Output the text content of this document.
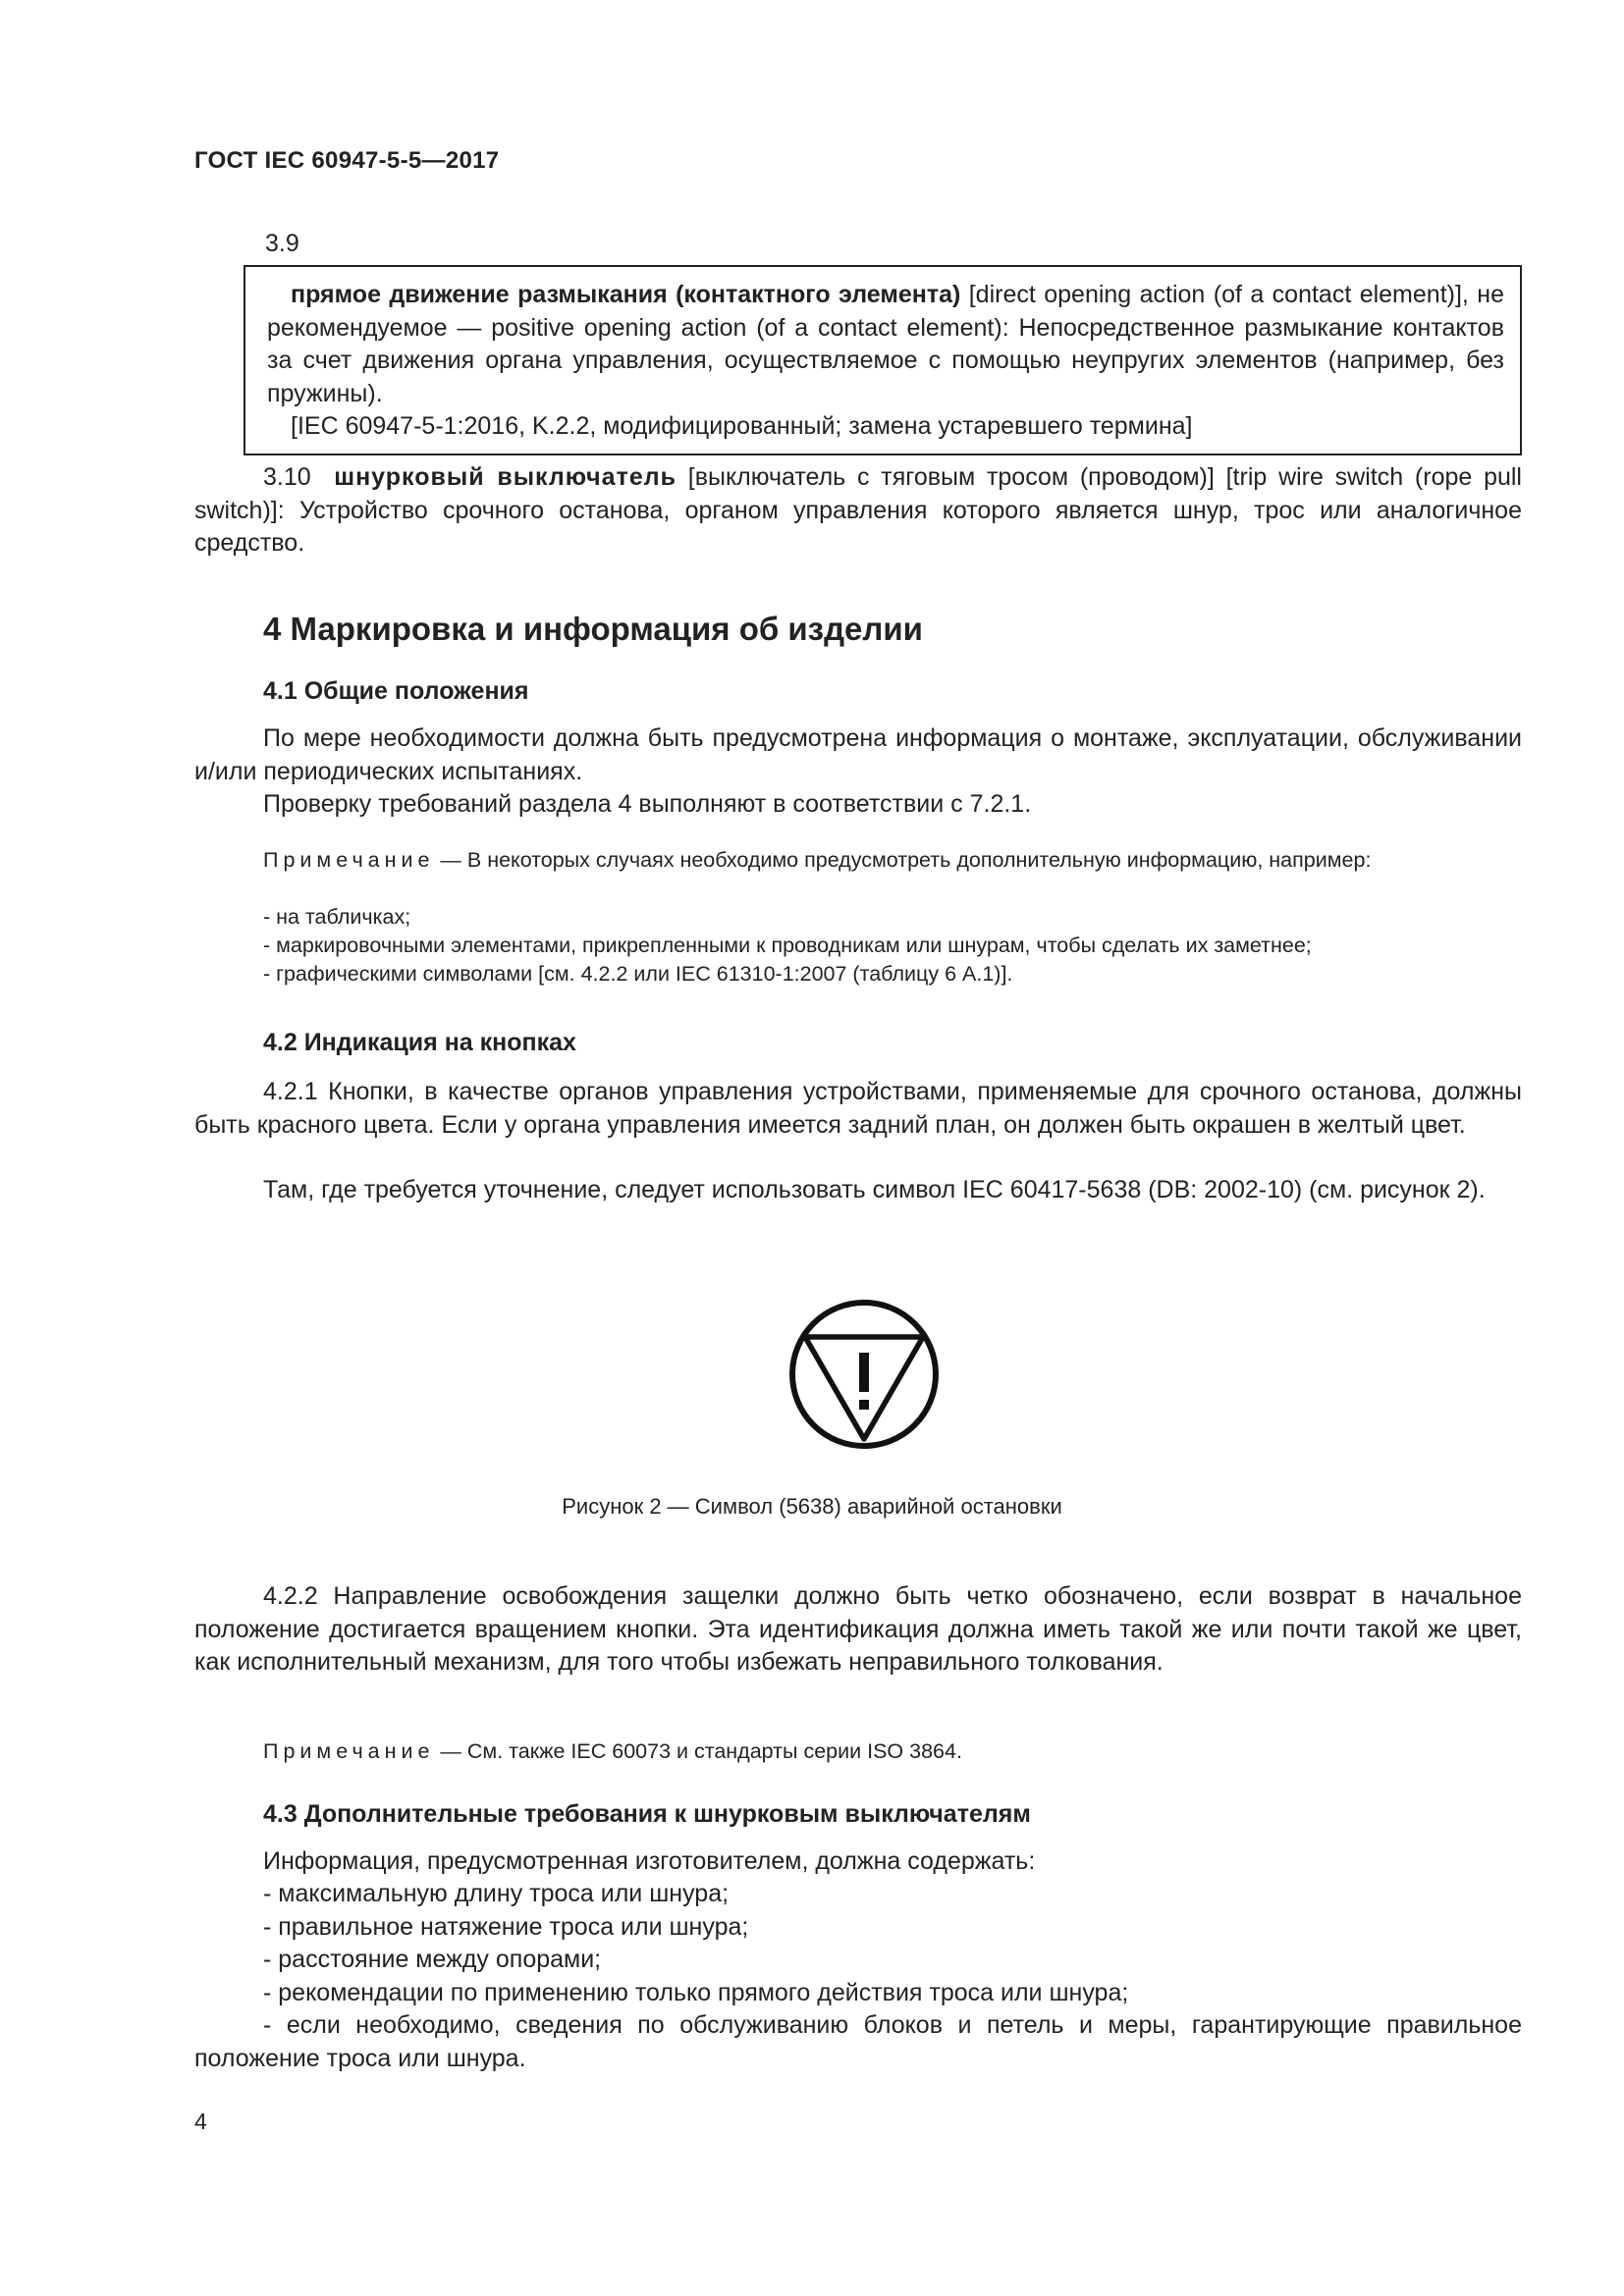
ГОСТ IEC 60947-5-5—2017
3.9

прямое движение размыкания (контактного элемента) [direct opening action (of a contact element)], не рекомендуемое — positive opening action (of a contact element): Непосредственное размыкание контактов за счет движения органа управления, осуществляемое с помощью неупругих элементов (например, без пружины).

[IEC 60947-5-1:2016, K.2.2, модифицированный; замена устаревшего термина]

3.10 шнурковый выключатель [выключатель с тяговым тросом (проводом)] [trip wire switch (rope pull switch)]: Устройство срочного останова, органом управления которого является шнур, трос или аналогичное средство.

4 Маркировка и информация об изделии
4.1 Общие положения

По мере необходимости должна быть предусмотрена информация о монтаже, эксплуатации, обслуживании и/или периодических испытаниях.

Проверку требований раздела 4 выполняют в соответствии с 7.2.1.

Примечание — В некоторых случаях необходимо предусмотреть дополнительную информацию, например:

- на табличках;
- маркировочными элементами, прикрепленными к проводникам или шнурам, чтобы сделать их заметнее;
- графическими символами [см. 4.2.2 или IEC 61310-1:2007 (таблицу 6 А.1)].
4.2 Индикация на кнопках

4.2.1 Кнопки, в качестве органов управления устройствами, применяемые для срочного останова, должны быть красного цвета. Если у органа управления имеется задний план, он должен быть окрашен в желтый цвет.

Там, где требуется уточнение, следует использовать символ IEC 60417-5638 (DB: 2002-10) (см. рисунок 2).

Рисунок 2 — Символ (5638) аварийной остановки

4.2.2 Направление освобождения защелки должно быть четко обозначено, если возврат в начальное положение достигается вращением кнопки. Эта идентификация должна иметь такой же или почти такой же цвет, как исполнительный механизм, для того чтобы избежать неправильного толкования.

Примечание — См. также IEC 60073 и стандарты серии ISO 3864.

4.3 Дополнительные требования к шнурковым выключателям

Информация, предусмотренная изготовителем, должна содержать:

- максимальную длину троса или шнура;
- правильное натяжение троса или шнура;
- расстояние между опорами;
- рекомендации по применению только прямого действия троса или шнура;

- если необходимо, сведения по обслуживанию блоков и петель и меры, гарантирующие правильное положение троса или шнура.

4
